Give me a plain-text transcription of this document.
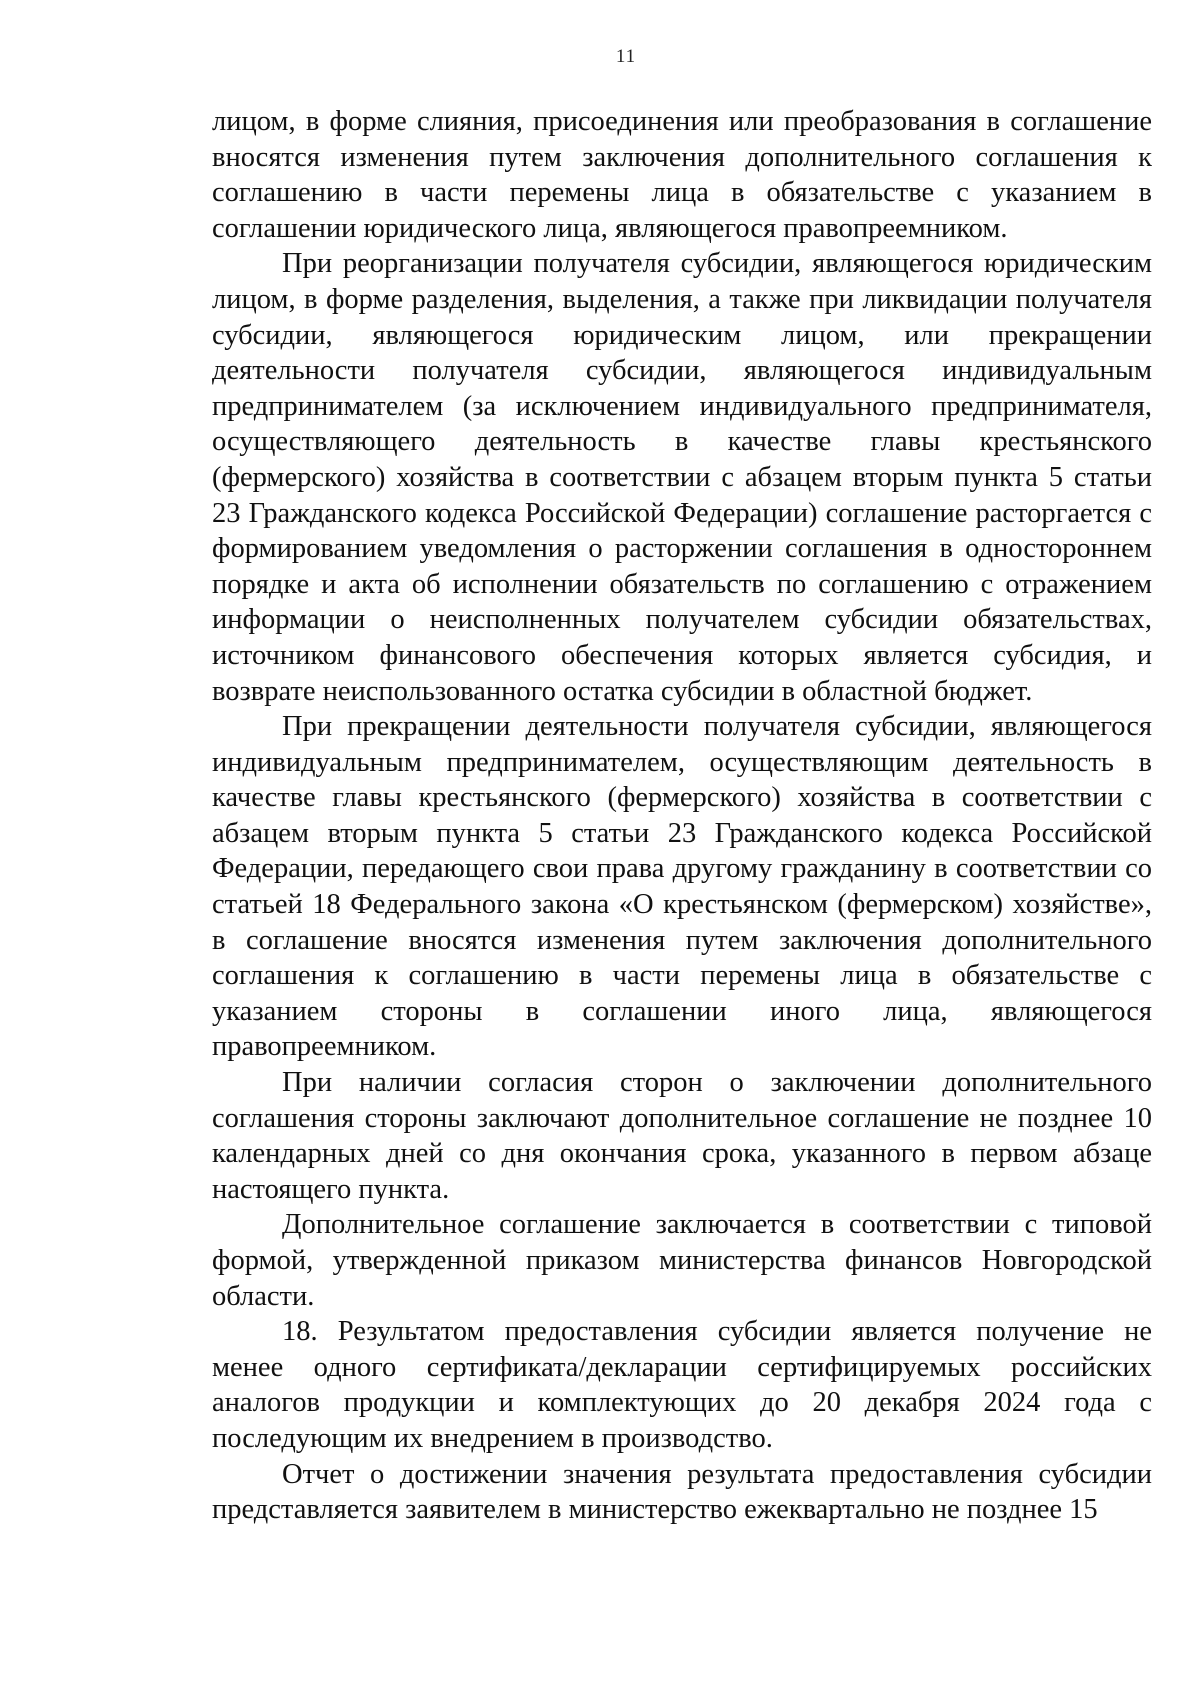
11

лицом, в форме слияния, присоединения или преобразования в соглашение вносятся изменения путем заключения дополнительного соглашения к соглашению в части перемены лица в обязательстве с указанием в соглашении юридического лица, являющегося правопреемником.

При реорганизации получателя субсидии, являющегося юридическим лицом, в форме разделения, выделения, а также при ликвидации получателя субсидии, являющегося юридическим лицом, или прекращении деятельности получателя субсидии, являющегося индивидуальным предпринимателем (за исключением индивидуального предпринимателя, осуществляющего деятельность в качестве главы крестьянского (фермерского) хозяйства в соответствии с абзацем вторым пункта 5 статьи 23 Гражданского кодекса Российской Федерации) соглашение расторгается с формированием уведомления о расторжении соглашения в одностороннем порядке и акта об исполнении обязательств по соглашению с отражением информации о неисполненных получателем субсидии обязательствах, источником финансового обеспечения которых является субсидия, и возврате неиспользованного остатка субсидии в областной бюджет.

При прекращении деятельности получателя субсидии, являющегося индивидуальным предпринимателем, осуществляющим деятельность в качестве главы крестьянского (фермерского) хозяйства в соответствии с абзацем вторым пункта 5 статьи 23 Гражданского кодекса Российской Федерации, передающего свои права другому гражданину в соответствии со статьей 18 Федерального закона «О крестьянском (фермерском) хозяйстве», в соглашение вносятся изменения путем заключения дополнительного соглашения к соглашению в части перемены лица в обязательстве с указанием стороны в соглашении иного лица, являющегося правопреемником.

При наличии согласия сторон о заключении дополнительного соглашения стороны заключают дополнительное соглашение не позднее 10 календарных дней со дня окончания срока, указанного в первом абзаце настоящего пункта.

Дополнительное соглашение заключается в соответствии с типовой формой, утвержденной приказом министерства финансов Новгородской области.

18. Результатом предоставления субсидии является получение не менее одного сертификата/декларации сертифицируемых российских аналогов продукции и комплектующих до 20 декабря 2024 года с последующим их внедрением в производство.

Отчет о достижении значения результата предоставления субсидии представляется заявителем в министерство ежеквартально не позднее 15
